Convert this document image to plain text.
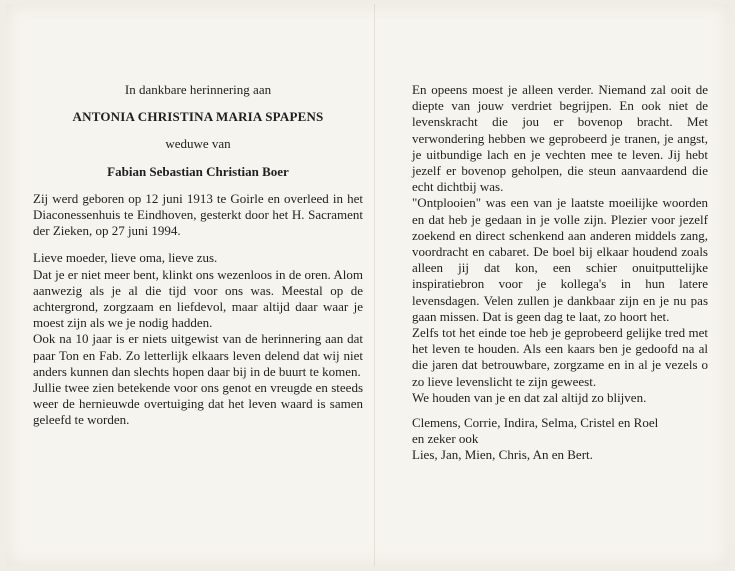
In dankbare herinnering aan

ANTONIA CHRISTINA MARIA SPAPENS

weduwe van

Fabian Sebastian Christian Boer

Zij werd geboren op 12 juni 1913 te Goirle en overleed in het Diaconessenhuis te Eindhoven, gesterkt door het H. Sacrament der Zieken, op 27 juni 1994.

Lieve moeder, lieve oma, lieve zus.

Dat je er niet meer bent, klinkt ons wezenloos in de oren. Alom aanwezig als je al die tijd voor ons was. Meestal op de achtergrond, zorgzaam en liefdevol, maar altijd daar waar je moest zijn als we je nodig hadden.

Ook na 10 jaar is er niets uitgewist van de herinnering aan dat paar Ton en Fab. Zo letterlijk elkaars leven delend dat wij niet anders kunnen dan slechts hopen daar bij in de buurt te komen.

Jullie twee zien betekende voor ons genot en vreugde en steeds weer de hernieuwde overtuiging dat het leven waard is samen geleefd te worden.

En opeens moest je alleen verder. Niemand zal ooit de diepte van jouw verdriet begrijpen. En ook niet de levenskracht die jou er bovenop bracht. Met verwondering hebben we geprobeerd je tranen, je angst, je uitbundige lach en je vechten mee te leven. Jij hebt jezelf er bovenop geholpen, die steun aanvaardend die echt dichtbij was.

"Ontplooien" was een van je laatste moeilijke woorden en dat heb je gedaan in je volle zijn. Plezier voor jezelf zoekend en direct schenkend aan anderen middels zang, voordracht en cabaret. De boel bij elkaar houdend zoals alleen jij dat kon, een schier onuitputtelijke inspiratiebron voor je kollega's in hun latere levensdagen. Velen zullen je dankbaar zijn en je nu pas gaan missen. Dat is geen dag te laat, zo hoort het.

Zelfs tot het einde toe heb je geprobeerd gelijke tred met het leven te houden. Als een kaars ben je gedoofd na al die jaren dat betrouwbare, zorgzame en in al je vezels o zo lieve levenslicht te zijn geweest.

We houden van je en dat zal altijd zo blijven.

Clemens, Corrie, Indira, Selma, Cristel en Roel

en zeker ook

Lies, Jan, Mien, Chris, An en Bert.
